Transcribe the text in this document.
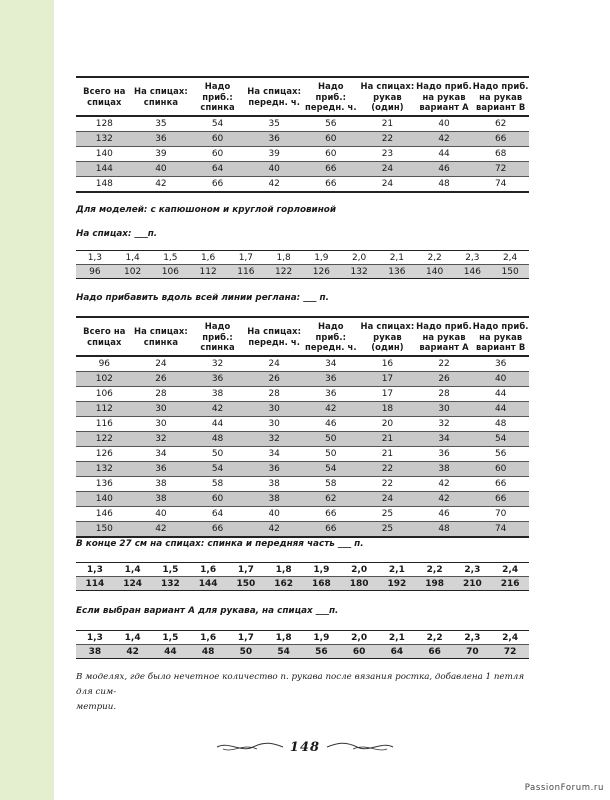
Всего на спицах	На спицах: спинка	Надо приб.: спинка	На спицах: передн. ч.	Надо приб.: передн. ч.	На спицах: рукав (один)	Надо приб. на рукав вариант А	Надо приб. на рукав вариант В
128	35	54	35	56	21	40	62
132	36	60	36	60	22	42	66
140	39	60	39	60	23	44	68
144	40	64	40	66	24	46	72
148	42	66	42	66	24	48	74

Для моделей: с капюшоном и круглой горловиной

На спицах: ___п.

1,3	1,4	1,5	1,6	1,7	1,8	1,9	2,0	2,1	2,2	2,3	2,4
96	102	106	112	116	122	126	132	136	140	146	150

Надо прибавить вдоль всей линии реглана: ___ п.

Всего на спицах	На спицах: спинка	Надо приб.: спинка	На спицах: передн. ч.	Надо приб.: передн. ч.	На спицах: рукав (один)	Надо приб. на рукав вариант А	Надо приб. на рукав вариант В
96	24	32	24	34	16	22	36
102	26	36	26	36	17	26	40
106	28	38	28	36	17	28	44
112	30	42	30	42	18	30	44
116	30	44	30	46	20	32	48
122	32	48	32	50	21	34	54
126	34	50	34	50	21	36	56
132	36	54	36	54	22	38	60
136	38	58	38	58	22	42	66
140	38	60	38	62	24	42	66
146	40	64	40	66	25	46	70
150	42	66	42	66	25	48	74

В конце 27 см на спицах: спинка и передняя часть ___ п.

1,3	1,4	1,5	1,6	1,7	1,8	1,9	2,0	2,1	2,2	2,3	2,4
114	124	132	144	150	162	168	180	192	198	210	216

Если выбран вариант А для рукава, на спицах ___п.

1,3	1,4	1,5	1,6	1,7	1,8	1,9	2,0	2,1	2,2	2,3	2,4
38	42	44	48	50	54	56	60	64	66	70	72
В моделях, где было нечетное количество п. рукава после вязания ростка, добавлена 1 петля для сим-
метрии.
148
PassionForum.ru
